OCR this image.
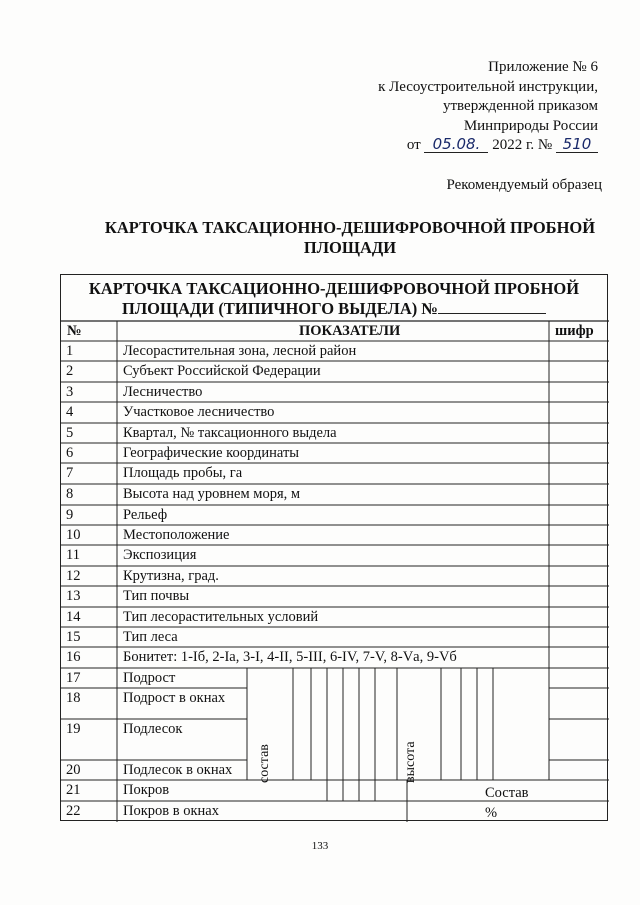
Приложение № 6
к Лесоустроительной инструкции,
утвержденной приказом
Минприроды России
от 05.08. 2022 г. № 510
Рекомендуемый образец
КАРТОЧКА ТАКСАЦИОННО-ДЕШИФРОВОЧНОЙ ПРОБНОЙ
ПЛОЩАДИ
КАРТОЧКА ТАКСАЦИОННО-ДЕШИФРОВОЧНОЙ ПРОБНОЙ
ПЛОЩАДИ (ТИПИЧНОГО ВЫДЕЛА) №
№	ПОКАЗАТЕЛИ	шифр
состав	высота
Состав
%
1	Лесорастительная зона, лесной район
2	Субъект Российской Федерации
3	Лесничество
4	Участковое лесничество
5	Квартал, № таксационного выдела
6	Географические координаты
7	Площадь пробы, га
8	Высота над уровнем моря, м
9	Рельеф
10	Местоположение
11	Экспозиция
12	Крутизна, град.
13	Тип почвы
14	Тип лесорастительных условий
15	Тип леса
16	Бонитет: 1-Iб, 2-Iа, 3-I, 4-II, 5-III, 6-IV, 7-V, 8-Vа, 9-Vб
17	Подрост
18	Подрост в окнах
19	Подлесок
20	Подлесок в окнах
21	Покров
22	Покров в окнах
133
